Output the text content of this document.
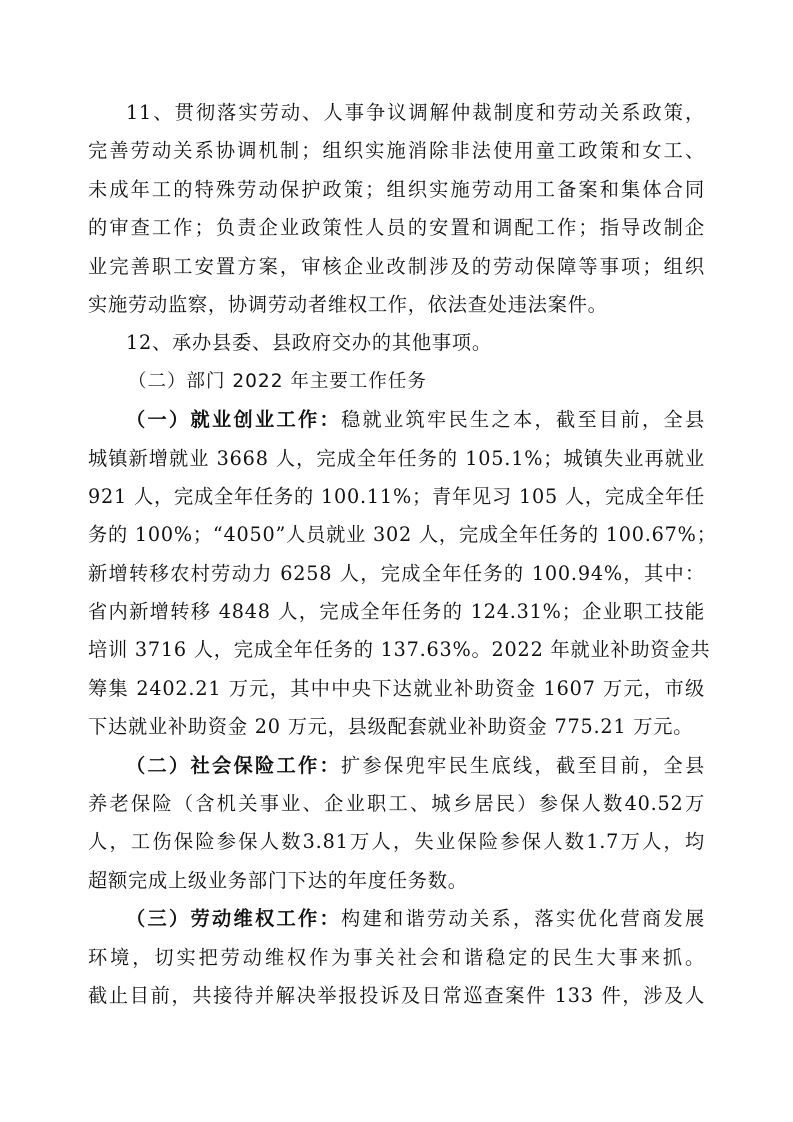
11、贯彻落实劳动、人事争议调解仲裁制度和劳动关系政策，
完善劳动关系协调机制；组织实施消除非法使用童工政策和女工、
未成年工的特殊劳动保护政策；组织实施劳动用工备案和集体合同
的审查工作；负责企业政策性人员的安置和调配工作；指导改制企
业完善职工安置方案，审核企业改制涉及的劳动保障等事项；组织
实施劳动监察，协调劳动者维权工作，依法查处违法案件。
12、承办县委、县政府交办的其他事项。
（二）部门 2022 年主要工作任务
（一）就业创业工作：稳就业筑牢民生之本，截至目前，全县
城镇新增就业 3668 人，完成全年任务的 105.1%；城镇失业再就业
921 人，完成全年任务的 100.11%；青年见习 105 人，完成全年任
务的 100%；“4050”人员就业 302 人，完成全年任务的 100.67%；
新增转移农村劳动力 6258 人，完成全年任务的 100.94%，其中：
省内新增转移 4848 人，完成全年任务的 124.31%；企业职工技能
培训 3716 人，完成全年任务的 137.63%。2022 年就业补助资金共
筹集 2402.21 万元，其中中央下达就业补助资金 1607 万元，市级
下达就业补助资金 20 万元，县级配套就业补助资金 775.21 万元。
（二）社会保险工作：扩参保兜牢民生底线，截至目前，全县
养老保险（含机关事业、企业职工、城乡居民）参保人数40.52万
人，工伤保险参保人数3.81万人，失业保险参保人数1.7万人，均
超额完成上级业务部门下达的年度任务数。
（三）劳动维权工作：构建和谐劳动关系，落实优化营商发展
环境，切实把劳动维权作为事关社会和谐稳定的民生大事来抓。
截止目前，共接待并解决举报投诉及日常巡查案件 133 件，涉及人
